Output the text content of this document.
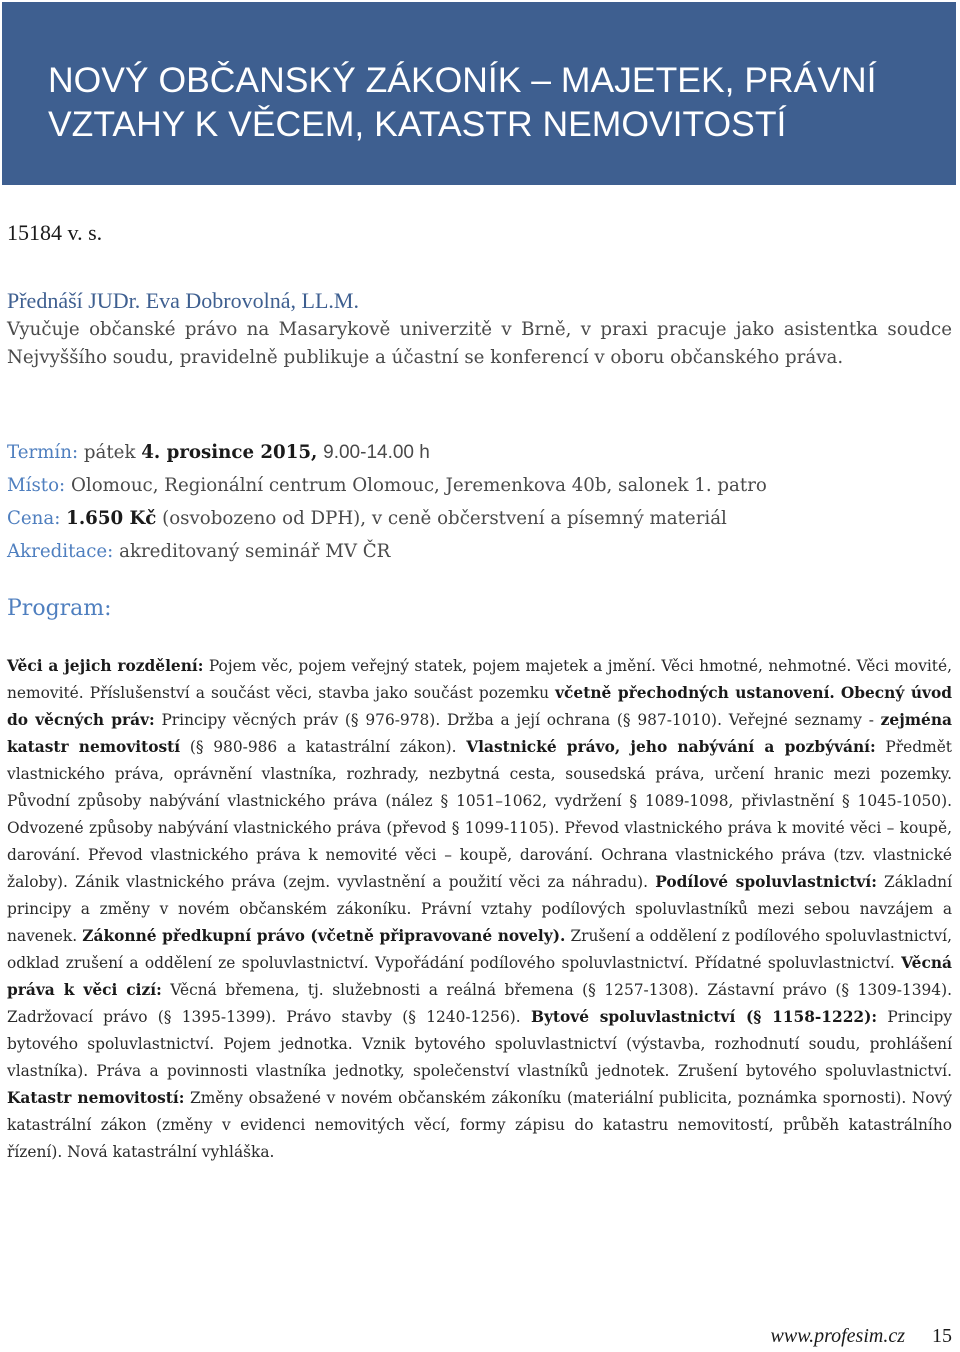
NOVÝ OBČANSKÝ ZÁKONÍK – MAJETEK, PRÁVNÍ
VZTAHY K VĚCEM, KATASTR NEMOVITOSTÍ
15184 v. s.
Přednáší JUDr. Eva Dobrovolná, LL.M.
Vyučuje občanské právo na Masarykově univerzitě v Brně, v praxi pracuje jako asistentka soudce Nejvyššího soudu, pravidelně publikuje a účastní se konferencí v oboru občanského práva.
Termín: pátek 4. prosince 2015, 9.00-14.00 h
Místo: Olomouc, Regionální centrum Olomouc, Jeremenkova 40b, salonek 1. patro
Cena: 1.650 Kč (osvobozeno od DPH), v ceně občerstvení a písemný materiál
Akreditace: akreditovaný seminář MV ČR
Program:
Věci a jejich rozdělení: Pojem věc, pojem veřejný statek, pojem majetek a jmění. Věci hmotné, nehmotné. Věci movité, nemovité. Příslušenství a součást věci, stavba jako součást pozemku včetně přechodných ustanovení. Obecný úvod do věcných práv: Principy věcných práv (§ 976-978). Držba a její ochrana (§ 987-1010). Veřejné seznamy - zejména katastr nemovitostí (§ 980-986 a katastrální zákon). Vlastnické právo, jeho nabývání a pozbývání: Předmět vlastnického práva, oprávnění vlastníka, rozhrady, nezbytná cesta, sousedská práva, určení hranic mezi pozemky. Původní způsoby nabývání vlastnického práva (nález § 1051–1062, vydržení § 1089-1098, přivlastnění § 1045-1050). Odvozené způsoby nabývání vlastnického práva (převod § 1099-1105). Převod vlastnického práva k movité věci – koupě, darování. Převod vlastnického práva k nemovité věci – koupě, darování. Ochrana vlastnického práva (tzv. vlastnické žaloby). Zánik vlastnického práva (zejm. vyvlastnění a použití věci za náhradu). Podílové spoluvlastnictví: Základní principy a změny v novém občanském zákoníku. Právní vztahy podílových spoluvlastníků mezi sebou navzájem a navenek. Zákonné předkupní právo (včetně připravované novely). Zrušení a oddělení z podílového spoluvlastnictví, odklad zrušení a oddělení ze spoluvlastnictví. Vypořádání podílového spoluvlastnictví. Přídatné spoluvlastnictví. Věcná práva k věci cizí: Věcná břemena, tj. služebnosti a reálná břemena (§ 1257-1308). Zástavní právo (§ 1309-1394). Zadržovací právo (§ 1395-1399). Právo stavby (§ 1240-1256). Bytové spoluvlastnictví (§ 1158-1222): Principy bytového spoluvlastnictví. Pojem jednotka. Vznik bytového spoluvlastnictví (výstavba, rozhodnutí soudu, prohlášení vlastníka). Práva a povinnosti vlastníka jednotky, společenství vlastníků jednotek. Zrušení bytového spoluvlastnictví. Katastr nemovitostí: Změny obsažené v novém občanském zákoníku (materiální publicita, poznámka spornosti). Nový katastrální zákon (změny v evidenci nemovitých věcí, formy zápisu do katastru nemovitostí, průběh katastrálního řízení). Nová katastrální vyhláška.
www.profesim.cz 15
